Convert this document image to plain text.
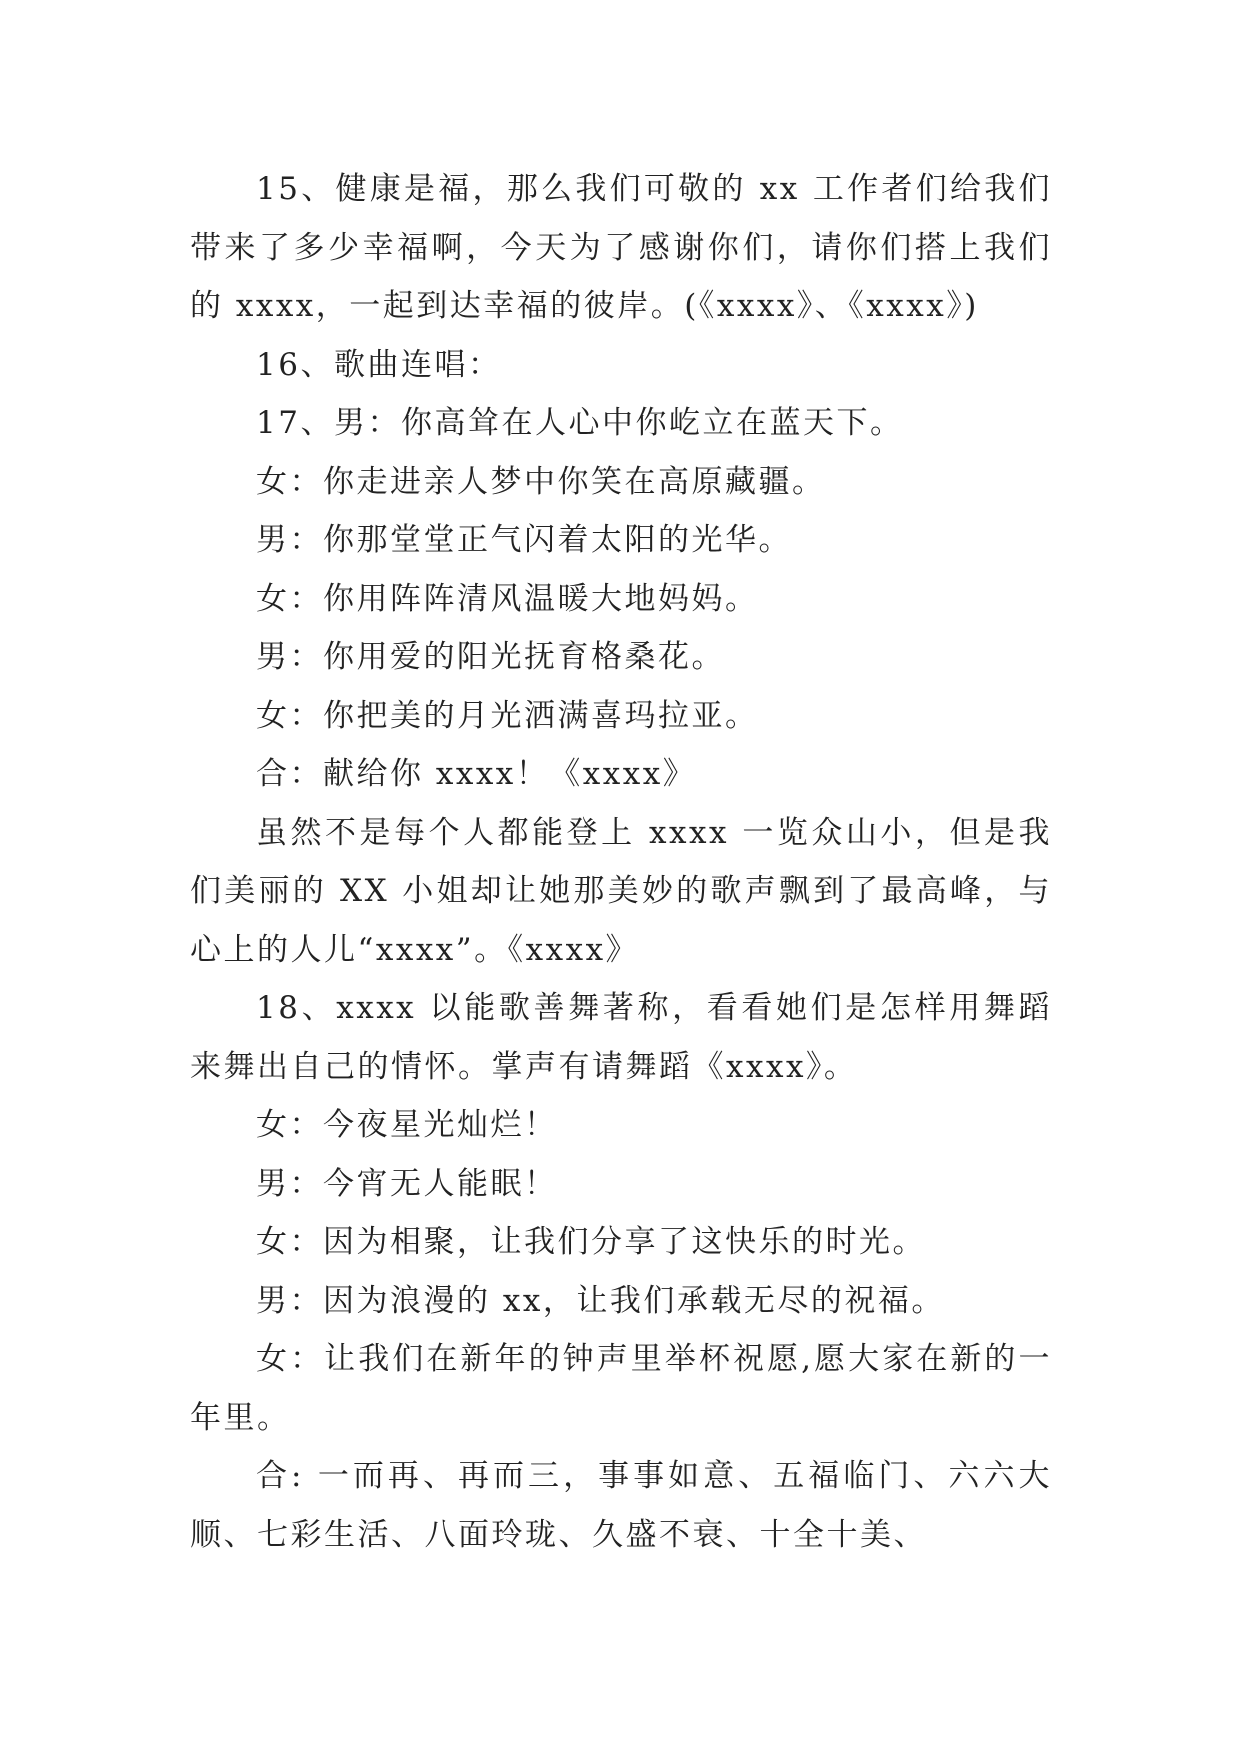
15、健康是福，那么我们可敬的 xx 工作者们给我们带来了多少幸福啊，今天为了感谢你们，请你们搭上我们的 xxxx，一起到达幸福的彼岸。(《xxxx》、《xxxx》)

16、歌曲连唱：

17、男：你高耸在人心中你屹立在蓝天下。

女：你走进亲人梦中你笑在高原藏疆。

男：你那堂堂正气闪着太阳的光华。

女：你用阵阵清风温暖大地妈妈。

男：你用爱的阳光抚育格桑花。

女：你把美的月光洒满喜玛拉亚。

合：献给你 xxxx！《xxxx》

虽然不是每个人都能登上 xxxx 一览众山小，但是我们美丽的 XX 小姐却让她那美妙的歌声飘到了最高峰，与心上的人儿“xxxx”。《xxxx》

18、xxxx 以能歌善舞著称，看看她们是怎样用舞蹈来舞出自己的情怀。掌声有请舞蹈《xxxx》。

女：今夜星光灿烂！

男：今宵无人能眠！

女：因为相聚，让我们分享了这快乐的时光。

男：因为浪漫的 xx，让我们承载无尽的祝福。

女：让我们在新年的钟声里举杯祝愿,愿大家在新的一年里。

合: 一而再、再而三，事事如意、五福临门、六六大顺、七彩生活、八面玲珑、久盛不衰、十全十美、
